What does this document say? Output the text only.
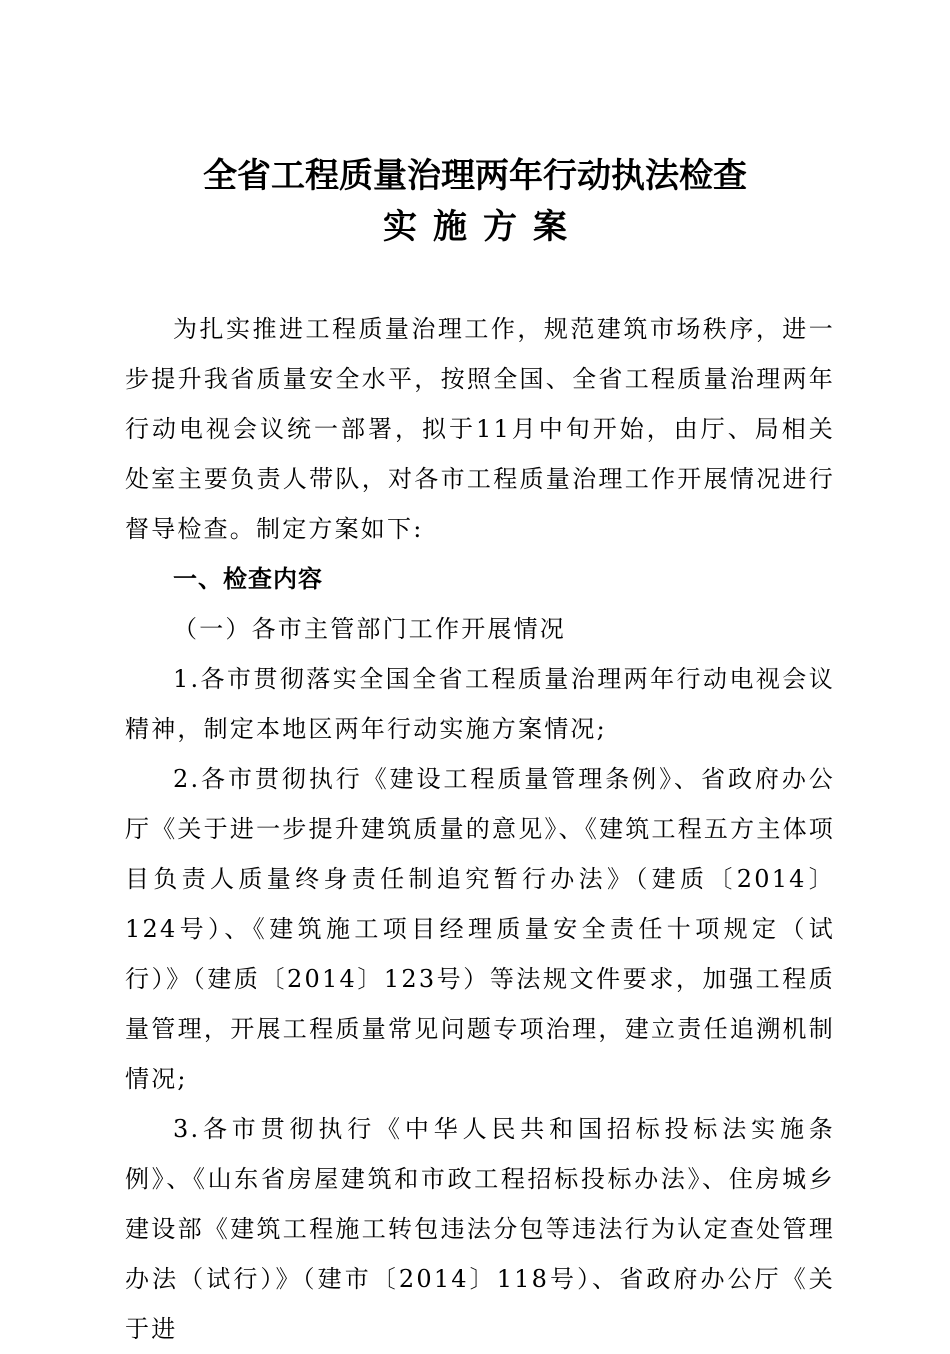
全省工程质量治理两年行动执法检查
实施方案

为扎实推进工程质量治理工作，规范建筑市场秩序，进一步提升我省质量安全水平，按照全国、全省工程质量治理两年行动电视会议统一部署，拟于11月中旬开始，由厅、局相关处室主要负责人带队，对各市工程质量治理工作开展情况进行督导检查。制定方案如下:

一、检查内容

（一）各市主管部门工作开展情况

1.各市贯彻落实全国全省工程质量治理两年行动电视会议精神，制定本地区两年行动实施方案情况;

2.各市贯彻执行《建设工程质量管理条例》、省政府办公厅《关于进一步提升建筑质量的意见》、《建筑工程五方主体项目负责人质量终身责任制追究暂行办法》（建质〔2014〕124号）、《建筑施工项目经理质量安全责任十项规定（试行）》（建质〔2014〕123号）等法规文件要求，加强工程质量管理，开展工程质量常见问题专项治理，建立责任追溯机制情况;

3.各市贯彻执行《中华人民共和国招标投标法实施条例》、《山东省房屋建筑和市政工程招标投标办法》、住房城乡建设部《建筑工程施工转包违法分包等违法行为认定查处管理办法（试行）》（建市〔2014〕118号）、省政府办公厅《关于进
